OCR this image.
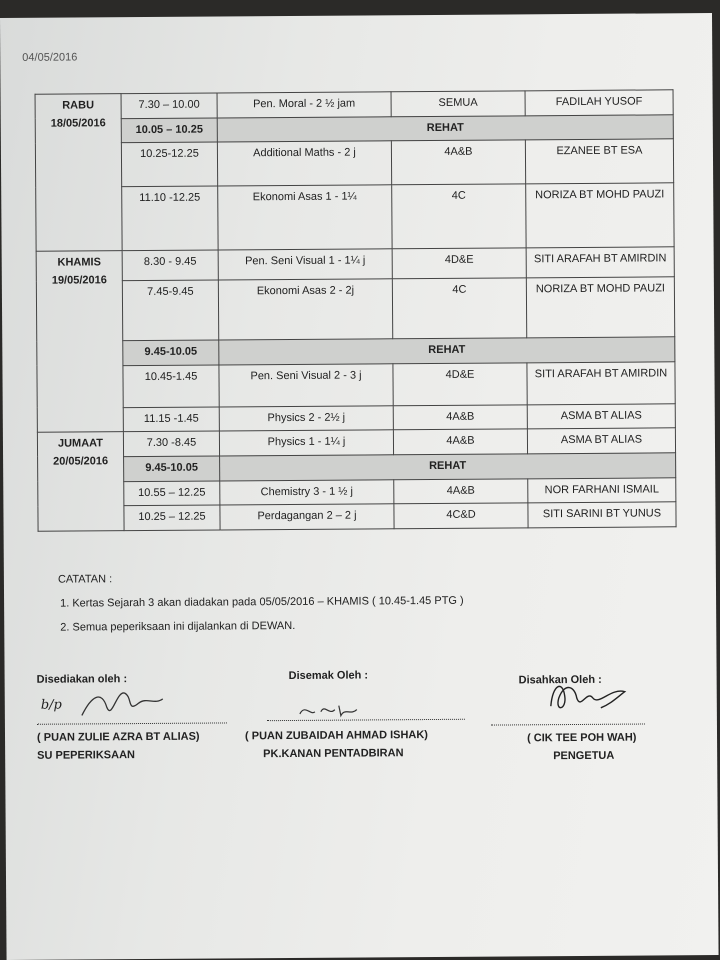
04/05/2016
RABU
18/05/2016	7.30 – 10.00	Pen. Moral - 2 ½ jam	SEMUA	FADILAH YUSOF
	10.05 – 10.25	REHAT		
	10.25-12.25	Additional Maths - 2 j	4A&B	EZANEE BT ESA
	11.10 -12.25	Ekonomi Asas 1 - 1¼	4C	NORIZA BT MOHD PAUZI

KHAMIS
19/05/2016	8.30 - 9.45	Pen. Seni Visual 1 - 1¼ j	4D&E	SITI ARAFAH BT AMIRDIN
	7.45-9.45	Ekonomi Asas 2 - 2j	4C	NORIZA BT MOHD PAUZI
	9.45-10.05	REHAT		
	10.45-1.45	Pen. Seni Visual 2 - 3 j	4D&E	SITI ARAFAH BT AMIRDIN
	11.15 -1.45	Physics 2 - 2½ j	4A&B	ASMA BT ALIAS

JUMAAT
20/05/2016	7.30 -8.45	Physics 1 - 1¼ j	4A&B	ASMA BT ALIAS
	9.45-10.05	REHAT		
	10.55 – 12.25	Chemistry 3 - 1 ½ j	4A&B	NOR FARHANI ISMAIL
	10.25 – 12.25	Perdagangan 2 – 2 j	4C&D	SITI SARINI BT YUNUS
CATATAN :
1. Kertas Sejarah 3 akan diadakan pada 05/05/2016 – KHAMIS ( 10.45-1.45 PTG )
2. Semua peperiksaan ini dijalankan di DEWAN.
Disediakan oleh :
b/p
( PUAN ZULIE AZRA BT ALIAS)
SU PEPERIKSAAN
Disemak Oleh :
( PUAN ZUBAIDAH AHMAD ISHAK)
PK.KANAN PENTADBIRAN
Disahkan Oleh :
( CIK TEE POH WAH)
PENGETUA
